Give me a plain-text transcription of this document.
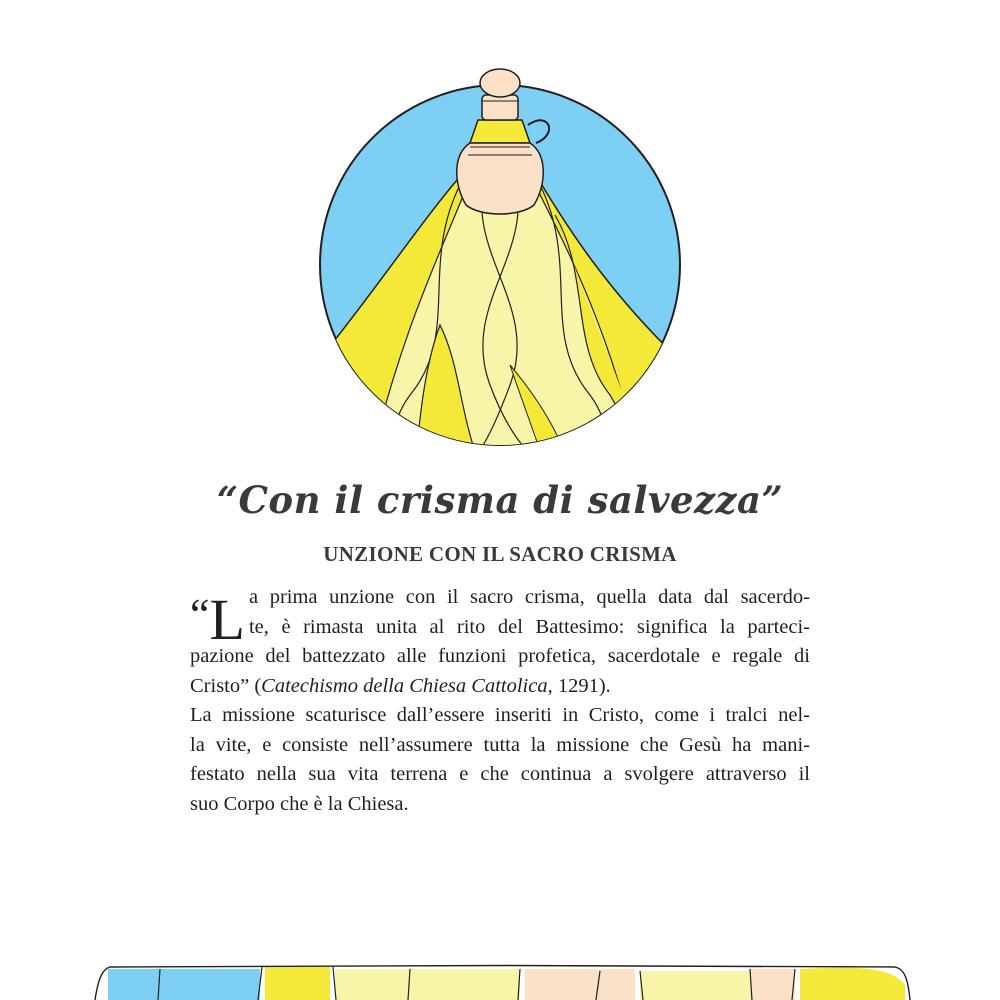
“Con il crisma di salvezza”
UNZIONE CON IL SACRO CRISMA
“L a prima unzione con il sacro crisma, quella data dal sacerdo-
te, è rimasta unita al rito del Battesimo: significa la parteci-
pazione del battezzato alle funzioni profetica, sacerdotale e regale di
Cristo” (Catechismo della Chiesa Cattolica, 1291).
La missione scaturisce dall’essere inseriti in Cristo, come i tralci nel-
la vite, e consiste nell’assumere tutta la missione che Gesù ha mani-
festato nella sua vita terrena e che continua a svolgere attraverso il
suo Corpo che è la Chiesa.
